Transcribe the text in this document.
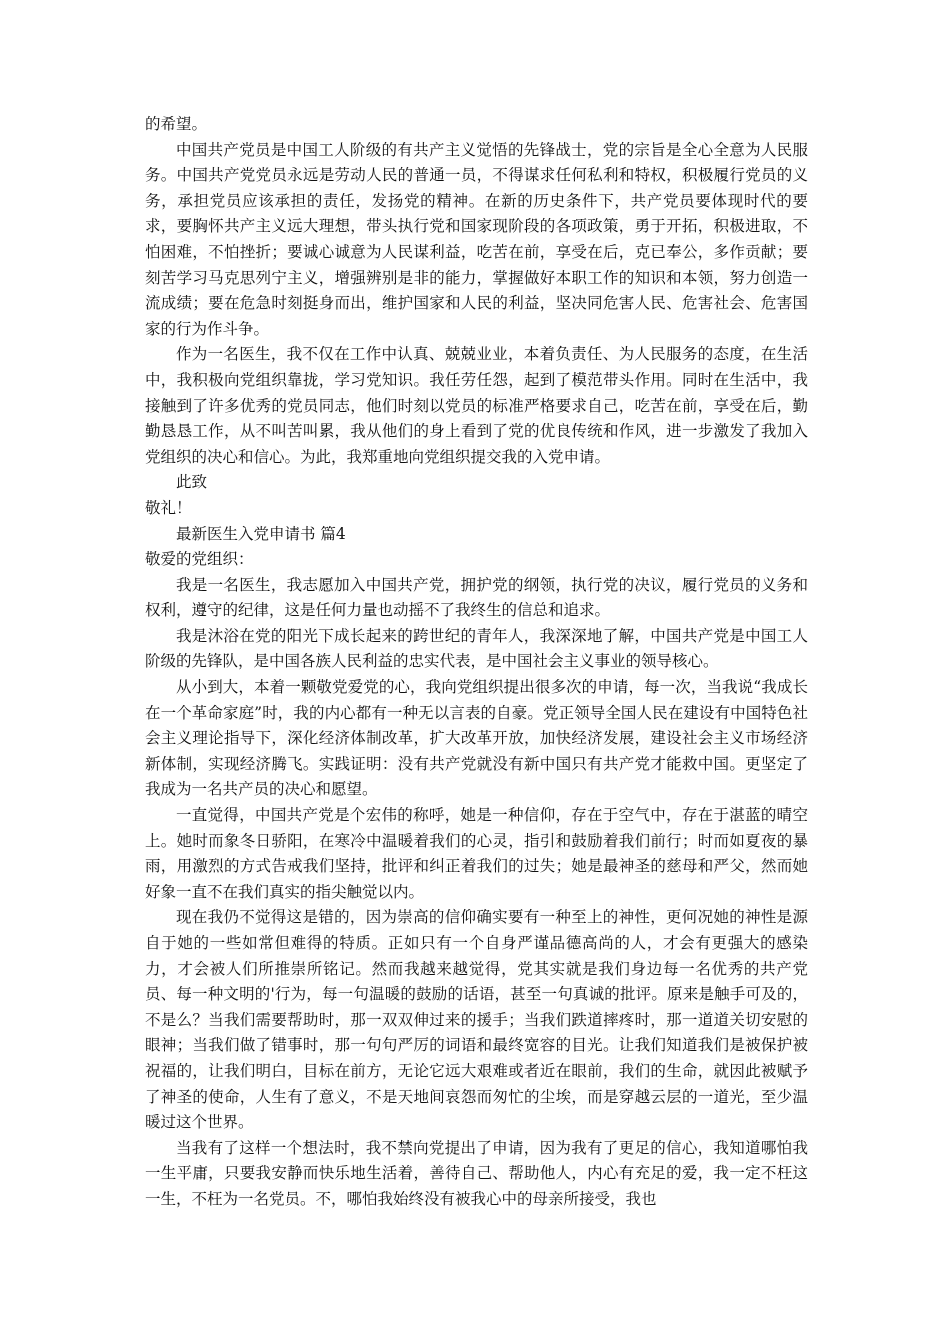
的希望。

中国共产党员是中国工人阶级的有共产主义觉悟的先锋战士，党的宗旨是全心全意为人民服务。中国共产党党员永远是劳动人民的普通一员，不得谋求任何私利和特权，积极履行党员的义务，承担党员应该承担的责任，发扬党的精神。在新的历史条件下，共产党员要体现时代的要求，要胸怀共产主义远大理想，带头执行党和国家现阶段的各项政策，勇于开拓，积极进取，不怕困难，不怕挫折；要诚心诚意为人民谋利益，吃苦在前，享受在后，克已奉公，多作贡献；要刻苦学习马克思列宁主义，增强辨别是非的能力，掌握做好本职工作的知识和本领，努力创造一流成绩；要在危急时刻挺身而出，维护国家和人民的利益，坚决同危害人民、危害社会、危害国家的行为作斗争。

作为一名医生，我不仅在工作中认真、兢兢业业，本着负责任、为人民服务的态度，在生活中，我积极向党组织靠拢，学习党知识。我任劳任怨，起到了模范带头作用。同时在生活中，我接触到了许多优秀的党员同志，他们时刻以党员的标准严格要求自己，吃苦在前，享受在后，勤勤恳恳工作，从不叫苦叫累，我从他们的身上看到了党的优良传统和作风，进一步激发了我加入党组织的决心和信心。为此，我郑重地向党组织提交我的入党申请。

此致

敬礼！

最新医生入党申请书 篇4

敬爱的党组织：

我是一名医生，我志愿加入中国共产党，拥护党的纲领，执行党的决议，履行党员的义务和权利，遵守的纪律，这是任何力量也动摇不了我终生的信总和追求。

我是沐浴在党的阳光下成长起来的跨世纪的青年人，我深深地了解，中国共产党是中国工人阶级的先锋队，是中国各族人民利益的忠实代表，是中国社会主义事业的领导核心。

从小到大，本着一颗敬党爱党的心，我向党组织提出很多次的申请，每一次，当我说“我成长在一个革命家庭”时，我的内心都有一种无以言表的自豪。党正领导全国人民在建设有中国特色社会主义理论指导下，深化经济体制改革，扩大改革开放，加快经济发展，建设社会主义市场经济新体制，实现经济腾飞。实践证明：没有共产党就没有新中国只有共产党才能救中国。更坚定了我成为一名共产员的决心和愿望。

一直觉得，中国共产党是个宏伟的称呼，她是一种信仰，存在于空气中，存在于湛蓝的晴空上。她时而象冬日骄阳，在寒冷中温暖着我们的心灵，指引和鼓励着我们前行；时而如夏夜的暴雨，用激烈的方式告戒我们坚持，批评和纠正着我们的过失；她是最神圣的慈母和严父，然而她好象一直不在我们真实的指尖触觉以内。

现在我仍不觉得这是错的，因为崇高的信仰确实要有一种至上的神性，更何况她的神性是源自于她的一些如常但难得的特质。正如只有一个自身严谨品德高尚的人，才会有更强大的感染力，才会被人们所推崇所铭记。然而我越来越觉得，党其实就是我们身边每一名优秀的共产党员、每一种文明的'行为，每一句温暖的鼓励的话语，甚至一句真诚的批评。原来是触手可及的，不是么？当我们需要帮助时，那一双双伸过来的援手；当我们跌道摔疼时，那一道道关切安慰的眼神；当我们做了错事时，那一句句严厉的词语和最终宽容的目光。让我们知道我们是被保护被祝福的，让我们明白，目标在前方，无论它远大艰难或者近在眼前，我们的生命，就因此被赋予了神圣的使命，人生有了意义，不是天地间哀怨而匆忙的尘埃，而是穿越云层的一道光，至少温暖过这个世界。

当我有了这样一个想法时，我不禁向党提出了申请，因为我有了更足的信心，我知道哪怕我一生平庸，只要我安静而快乐地生活着，善待自己、帮助他人，内心有充足的爱，我一定不枉这一生，不枉为一名党员。不，哪怕我始终没有被我心中的母亲所接受，我也
